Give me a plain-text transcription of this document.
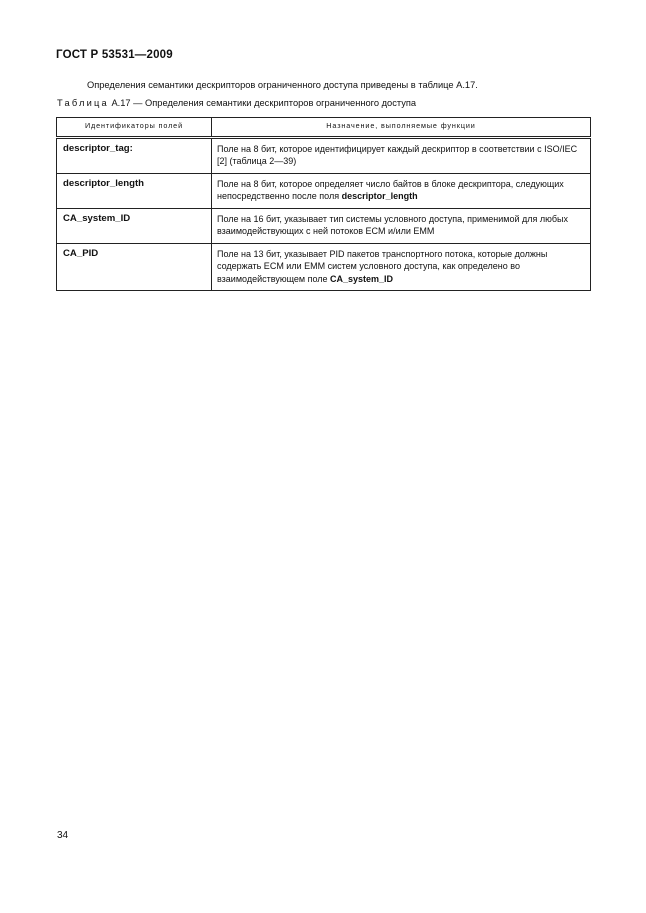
ГОСТ Р 53531—2009
Определения семантики дескрипторов ограниченного доступа приведены в таблице А.17.
Таблица А.17 — Определения семантики дескрипторов ограниченного доступа
Идентификаторы полей	Назначение, выполняемые функции
descriptor_tag:	Поле на 8 бит, которое идентифицирует каждый дескриптор в соответствии с ISO/IEC [2] (таблица 2—39)
descriptor_length	Поле на 8 бит, которое определяет число байтов в блоке дескриптора, следующих непосредственно после поля descriptor_length
CA_system_ID	Поле на 16 бит, указывает тип системы условного доступа, применимой для любых взаимодействующих с ней потоков ECM и/или EMM
CA_PID	Поле на 13 бит, указывает PID пакетов транспортного потока, которые должны содержать ECM или EMM систем условного доступа, как определено во взаимодействующем поле CA_system_ID
34
